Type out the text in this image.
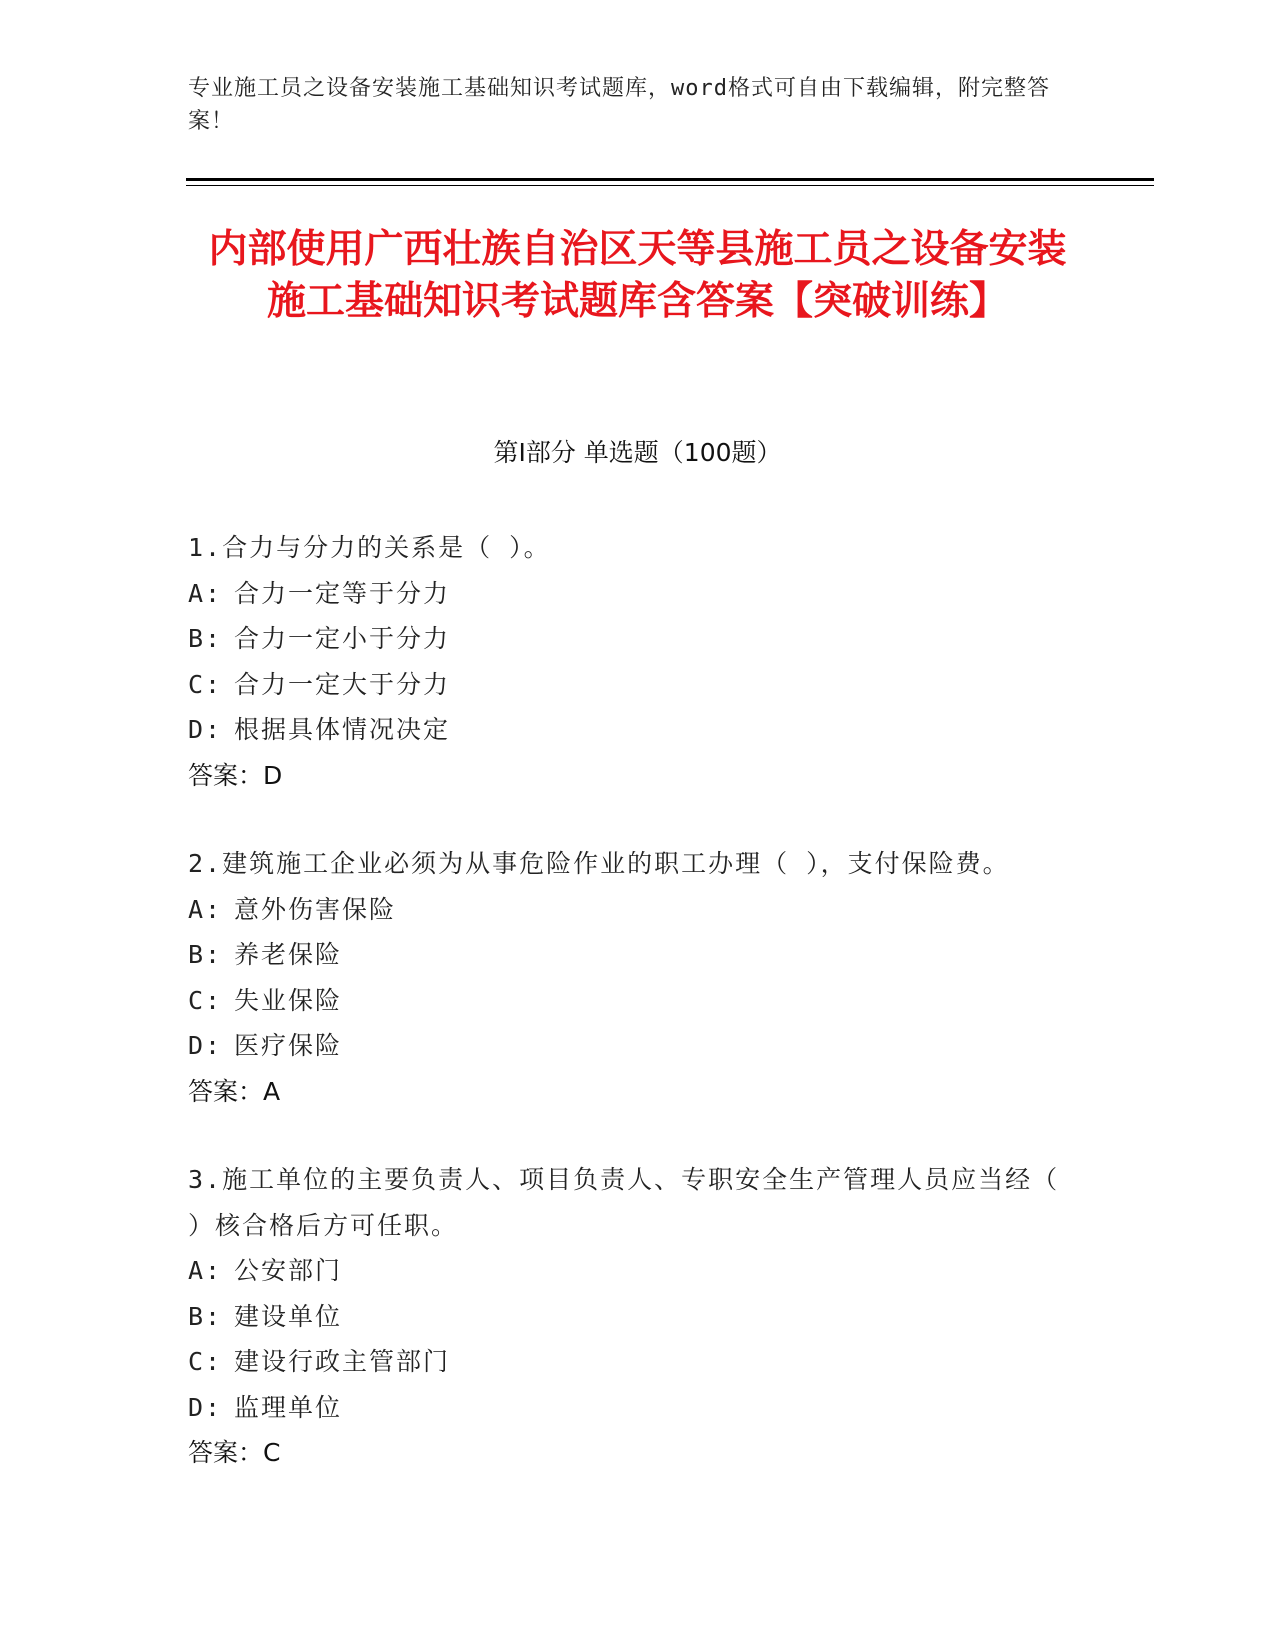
专业施工员之设备安装施工基础知识考试题库，word格式可自由下载编辑，附完整答案！
内部使用广西壮族自治区天等县施工员之设备安装施工基础知识考试题库含答案【突破训练】
第Ⅰ部分 单选题（100题）
1.合力与分力的关系是（ ）。
A: 合力一定等于分力
B: 合力一定小于分力
C: 合力一定大于分力
D: 根据具体情况决定
答案：D
2.建筑施工企业必须为从事危险作业的职工办理（ ），支付保险费。
A: 意外伤害保险
B: 养老保险
C: 失业保险
D: 医疗保险
答案：A
3.施工单位的主要负责人、项目负责人、专职安全生产管理人员应当经（ ）核合格后方可任职。
A: 公安部门
B: 建设单位
C: 建设行政主管部门
D: 监理单位
答案：C
